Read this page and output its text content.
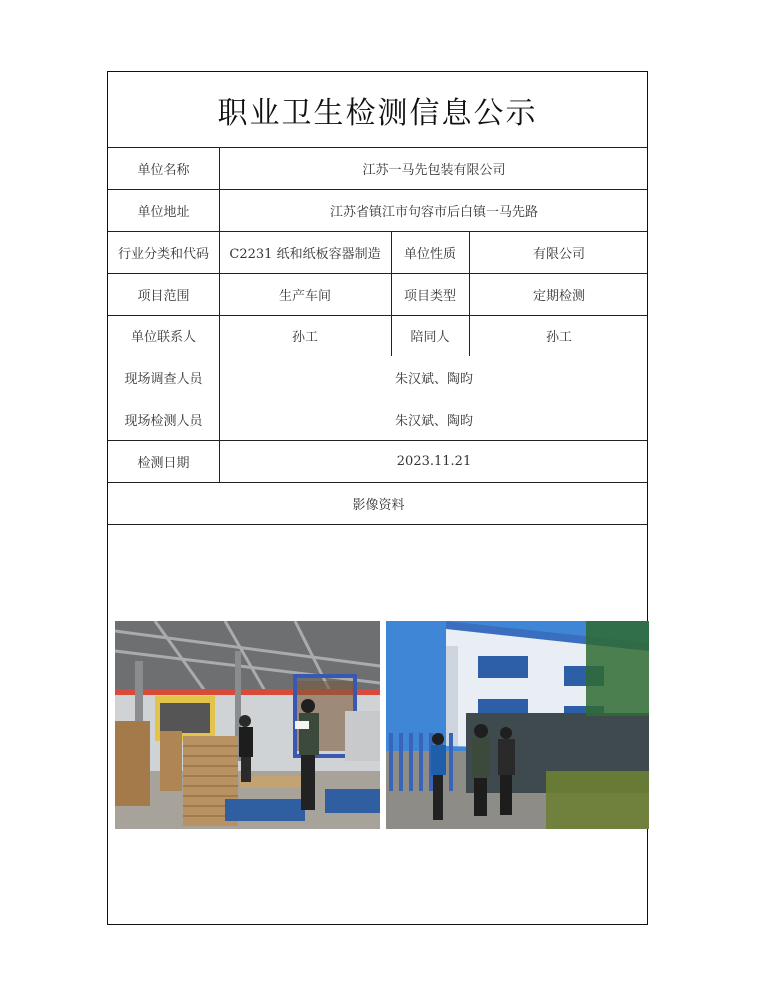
职业卫生检测信息公示
单位名称	江苏一马先包装有限公司
单位地址	江苏省镇江市句容市后白镇一马先路
行业分类和代码	C2231 纸和纸板容器制造	单位性质	有限公司
项目范围	生产车间	项目类型	定期检测
单位联系人	孙工	陪同人	孙工
现场调查人员	朱汉斌、陶昀
现场检测人员	朱汉斌、陶昀
检测日期	2023.11.21
影像资料
